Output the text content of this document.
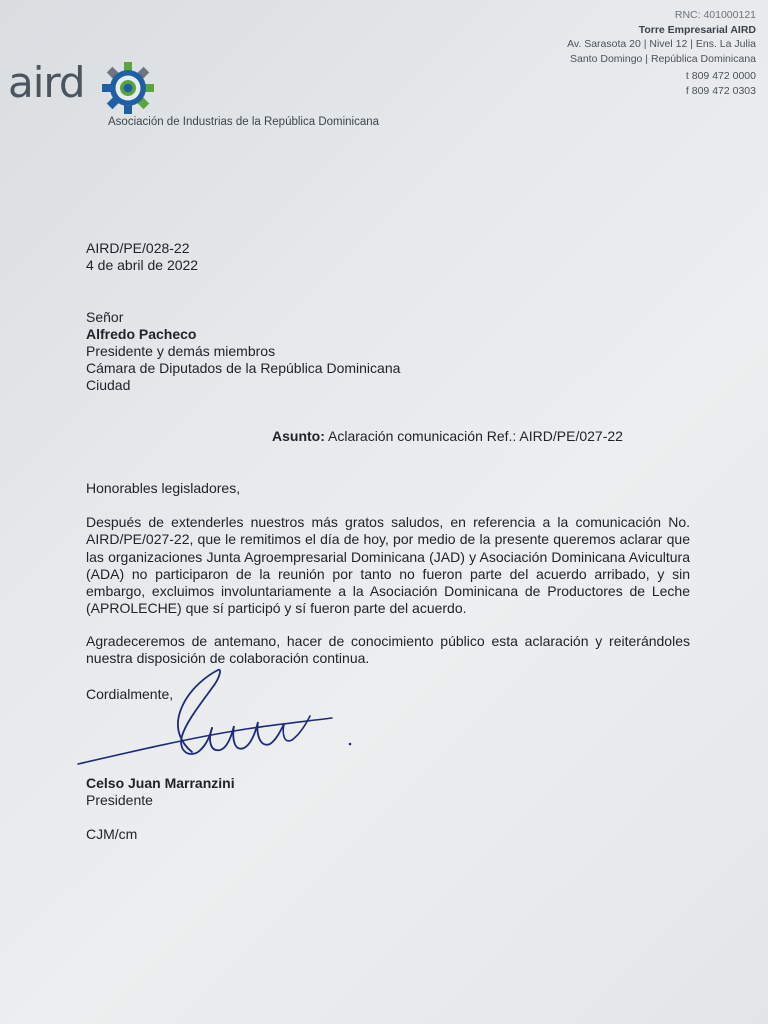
aird
Asociación de Industrias de la República Dominicana
RNC: 401000121
Torre Empresarial AIRD
Av. Sarasota 20 | Nivel 12 | Ens. La Julia
Santo Domingo | República Dominicana
t 809 472 0000
f 809 472 0303
AIRD/PE/028-22
4 de abril de 2022
Señor
Alfredo Pacheco
Presidente y demás miembros
Cámara de Diputados de la República Dominicana
Ciudad
Asunto: Aclaración comunicación Ref.: AIRD/PE/027-22
Honorables legisladores,
Después de extenderles nuestros más gratos saludos, en referencia a la comunicación No. AIRD/PE/027-22, que le remitimos el día de hoy, por medio de la presente queremos aclarar que las organizaciones Junta Agroempresarial Dominicana (JAD) y Asociación Dominicana Avicultura (ADA) no participaron de la reunión por tanto no fueron parte del acuerdo arribado, y sin embargo, excluimos involuntariamente a la Asociación Dominicana de Productores de Leche (APROLECHE) que sí participó y sí fueron parte del acuerdo.
Agradeceremos de antemano, hacer de conocimiento público esta aclaración y reiterándoles nuestra disposición de colaboración continua.
Cordialmente,
Celso Juan Marranzini
Presidente
CJM/cm
